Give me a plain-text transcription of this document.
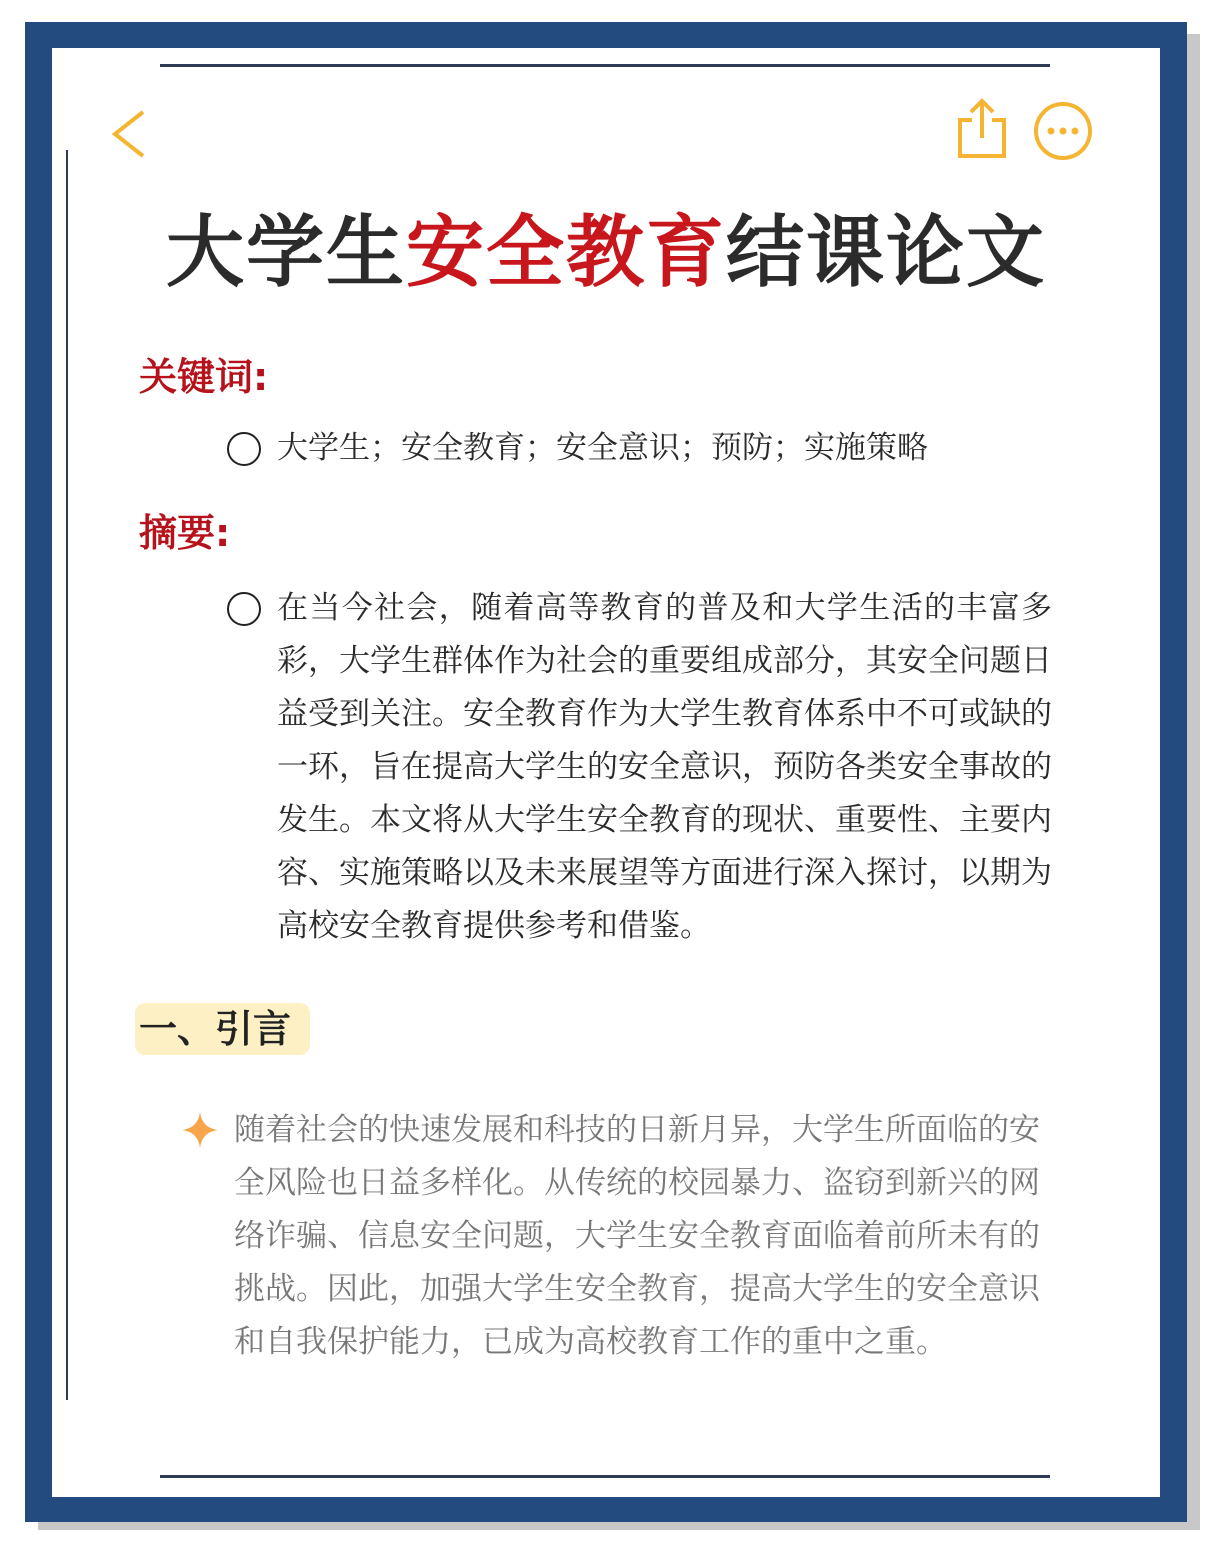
大学生安全教育结课论文
关键词:
大学生；安全教育；安全意识；预防；实施策略
摘要:
在当今社会，随着高等教育的普及和大学生活的丰富多彩，大学生群体作为社会的重要组成部分，其安全问题日益受到关注。安全教育作为大学生教育体系中不可或缺的一环，旨在提高大学生的安全意识，预防各类安全事故的发生。本文将从大学生安全教育的现状、重要性、主要内容、实施策略以及未来展望等方面进行深入探讨，以期为高校安全教育提供参考和借鉴。
一、引言
随着社会的快速发展和科技的日新月异，大学生所面临的安全风险也日益多样化。从传统的校园暴力、盗窃到新兴的网络诈骗、信息安全问题，大学生安全教育面临着前所未有的挑战。因此，加强大学生安全教育，提高大学生的安全意识和自我保护能力，已成为高校教育工作的重中之重。
